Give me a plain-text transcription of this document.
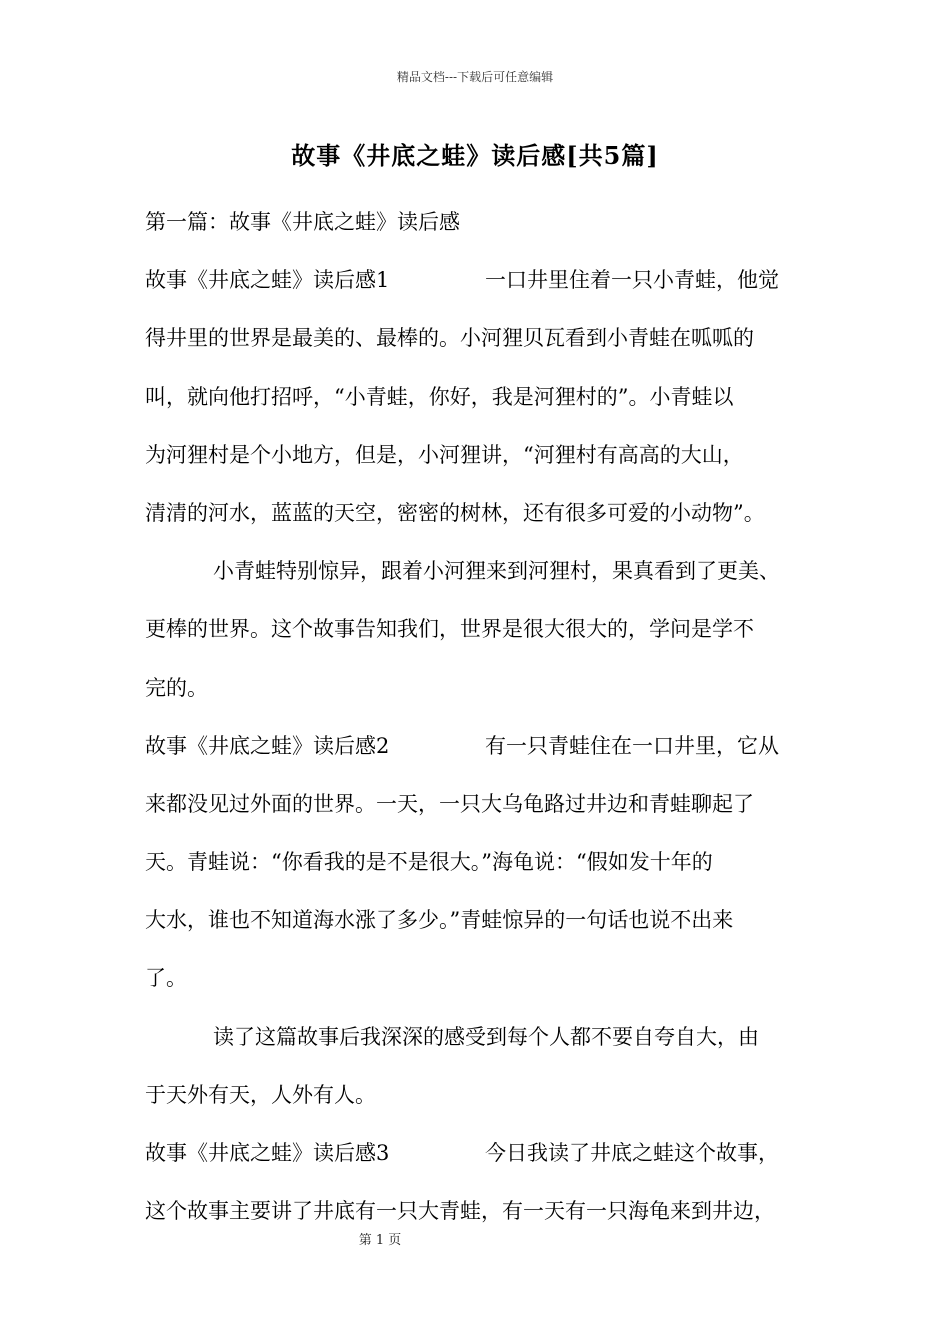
精品文档---下载后可任意编辑
故事《井底之蛙》读后感[共5篇]
第一篇：故事《井底之蛙》读后感
故事《井底之蛙》读后感1	一口井里住着一只小青蛙，他觉
得井里的世界是最美的、最棒的。小河狸贝瓦看到小青蛙在呱呱的
叫，就向他打招呼，“小青蛙，你好，我是河狸村的”。小青蛙以
为河狸村是个小地方，但是，小河狸讲，“河狸村有高高的大山，
清清的河水，蓝蓝的天空，密密的树林，还有很多可爱的小动物”。
小青蛙特别惊异，跟着小河狸来到河狸村，果真看到了更美、
更棒的世界。这个故事告知我们，世界是很大很大的，学问是学不
完的。
故事《井底之蛙》读后感2	有一只青蛙住在一口井里，它从
来都没见过外面的世界。一天，一只大乌龟路过井边和青蛙聊起了
天。青蛙说：“你看我的是不是很大。”海龟说：“假如发十年的
大水，谁也不知道海水涨了多少。”青蛙惊异的一句话也说不出来
了。
读了这篇故事后我深深的感受到每个人都不要自夸自大，由
于天外有天，人外有人。
故事《井底之蛙》读后感3	今日我读了井底之蛙这个故事，
这个故事主要讲了井底有一只大青蛙，有一天有一只海龟来到井边，
第 1 页
